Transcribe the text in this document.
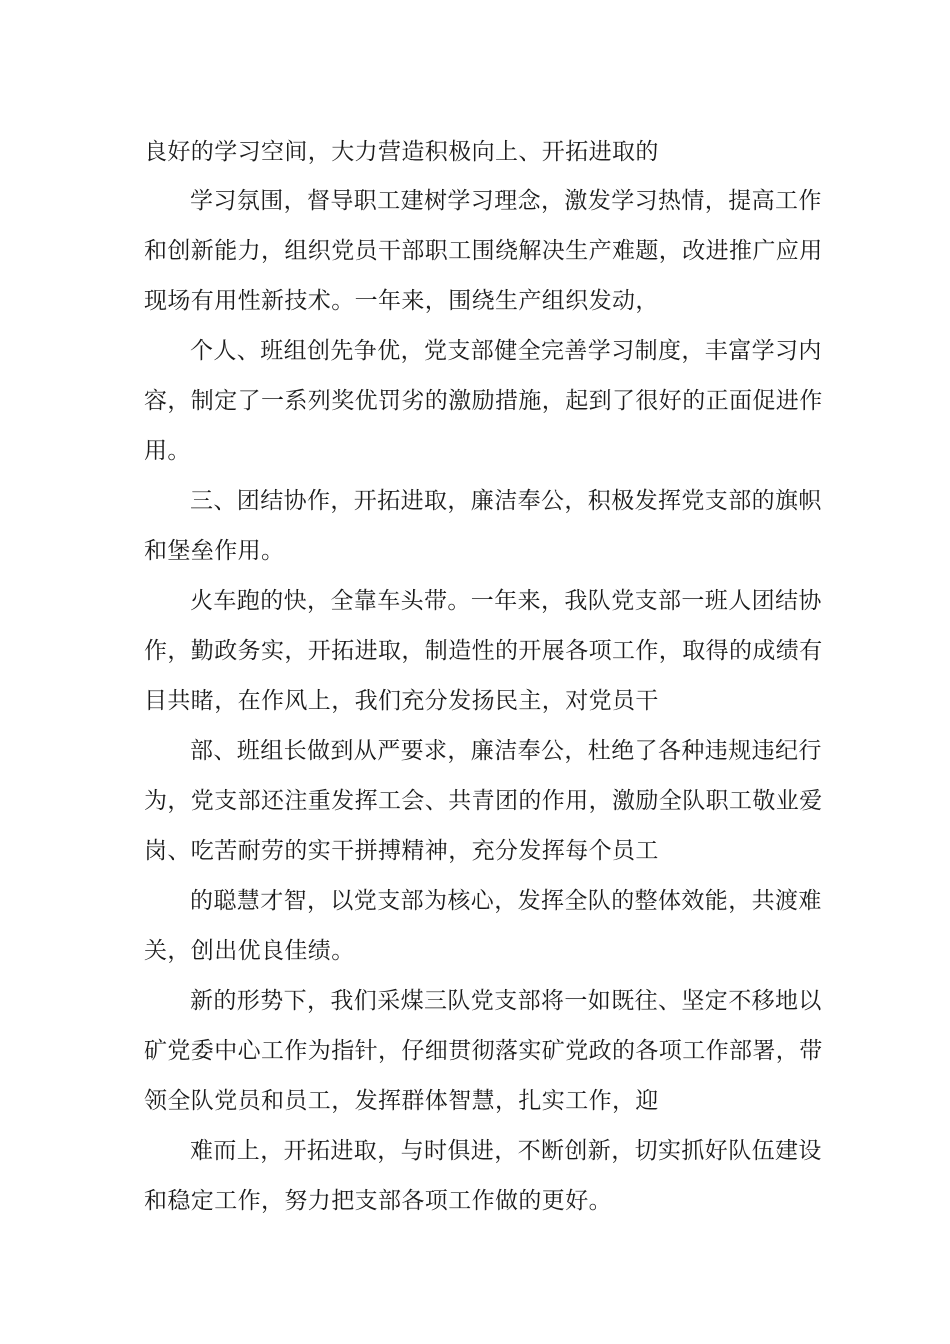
良好的学习空间，大力营造积极向上、开拓进取的
学习氛围，督导职工建树学习理念，激发学习热情，提高工作
和创新能力，组织党员干部职工围绕解决生产难题，改进推广应用
现场有用性新技术。一年来，围绕生产组织发动，
个人、班组创先争优，党支部健全完善学习制度，丰富学习内
容，制定了一系列奖优罚劣的激励措施，起到了很好的正面促进作
用。
三、团结协作，开拓进取，廉洁奉公，积极发挥党支部的旗帜
和堡垒作用。
火车跑的快，全靠车头带。一年来，我队党支部一班人团结协
作，勤政务实，开拓进取，制造性的开展各项工作，取得的成绩有
目共睹，在作风上，我们充分发扬民主，对党员干
部、班组长做到从严要求，廉洁奉公，杜绝了各种违规违纪行
为，党支部还注重发挥工会、共青团的作用，激励全队职工敬业爱
岗、吃苦耐劳的实干拼搏精神，充分发挥每个员工
的聪慧才智，以党支部为核心，发挥全队的整体效能，共渡难
关，创出优良佳绩。
新的形势下，我们采煤三队党支部将一如既往、坚定不移地以
矿党委中心工作为指针，仔细贯彻落实矿党政的各项工作部署，带
领全队党员和员工，发挥群体智慧，扎实工作，迎
难而上，开拓进取，与时俱进，不断创新，切实抓好队伍建设
和稳定工作，努力把支部各项工作做的更好。
